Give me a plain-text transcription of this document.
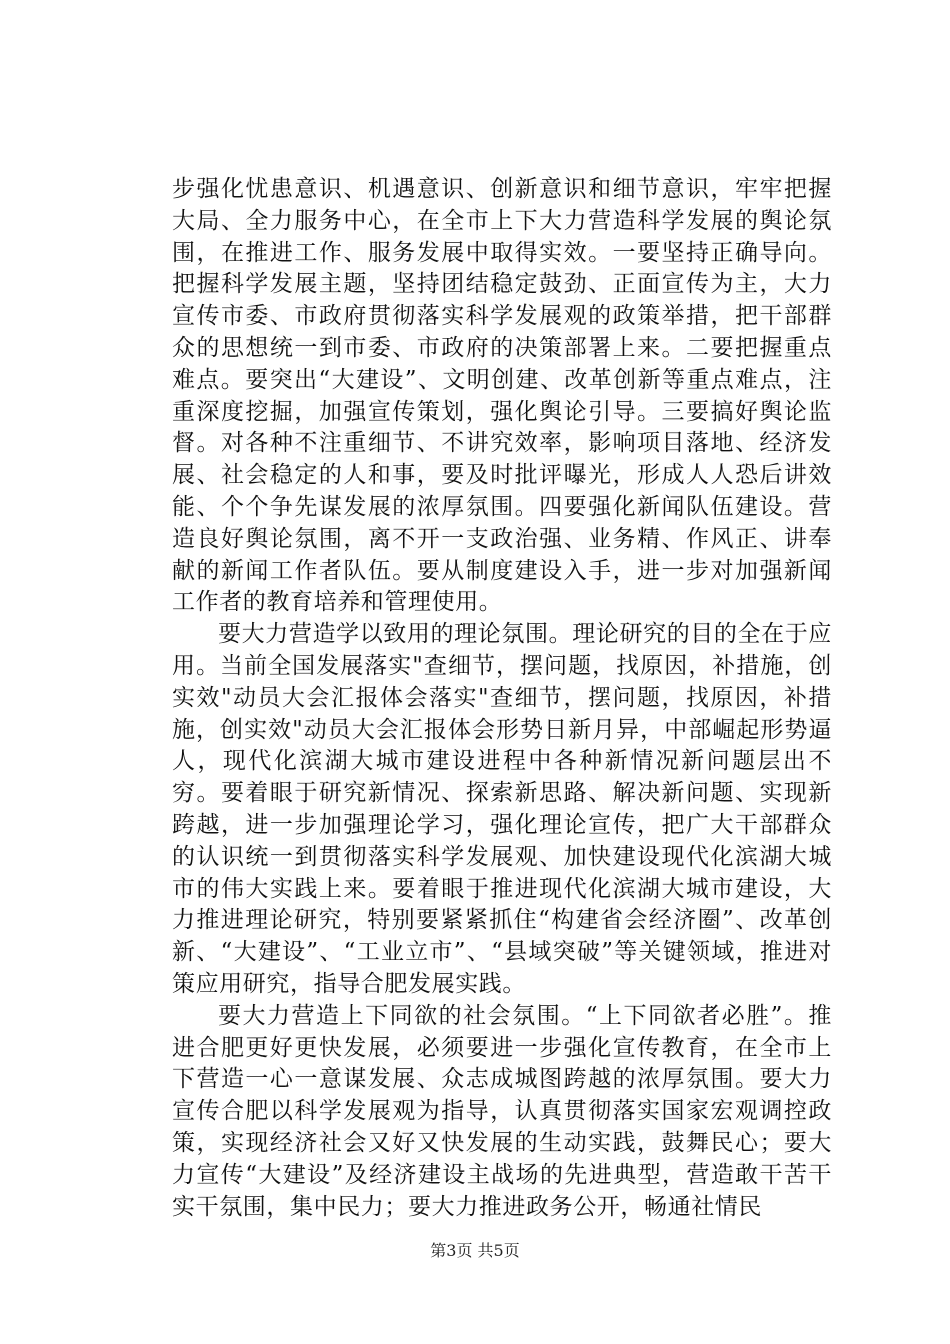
步强化忧患意识、机遇意识、创新意识和细节意识，牢牢把握大局、全力服务中心，在全市上下大力营造科学发展的舆论氛围，在推进工作、服务发展中取得实效。一要坚持正确导向。把握科学发展主题，坚持团结稳定鼓劲、正面宣传为主，大力宣传市委、市政府贯彻落实科学发展观的政策举措，把干部群众的思想统一到市委、市政府的决策部署上来。二要把握重点难点。要突出“大建设”、文明创建、改革创新等重点难点，注重深度挖掘，加强宣传策划，强化舆论引导。三要搞好舆论监督。对各种不注重细节、不讲究效率，影响项目落地、经济发展、社会稳定的人和事，要及时批评曝光，形成人人恐后讲效能、个个争先谋发展的浓厚氛围。四要强化新闻队伍建设。营造良好舆论氛围，离不开一支政治强、业务精、作风正、讲奉献的新闻工作者队伍。要从制度建设入手，进一步对加强新闻工作者的教育培养和管理使用。

要大力营造学以致用的理论氛围。理论研究的目的全在于应用。当前全国发展落实"查细节，摆问题，找原因，补措施，创实效"动员大会汇报体会落实"查细节，摆问题，找原因，补措施，创实效"动员大会汇报体会形势日新月异，中部崛起形势逼人，现代化滨湖大城市建设进程中各种新情况新问题层出不穷。要着眼于研究新情况、探索新思路、解决新问题、实现新跨越，进一步加强理论学习，强化理论宣传，把广大干部群众的认识统一到贯彻落实科学发展观、加快建设现代化滨湖大城市的伟大实践上来。要着眼于推进现代化滨湖大城市建设，大力推进理论研究，特别要紧紧抓住“构建省会经济圈”、改革创新、“大建设”、“工业立市”、“县域突破”等关键领域，推进对策应用研究，指导合肥发展实践。

要大力营造上下同欲的社会氛围。“上下同欲者必胜”。推进合肥更好更快发展，必须要进一步强化宣传教育，在全市上下营造一心一意谋发展、众志成城图跨越的浓厚氛围。要大力宣传合肥以科学发展观为指导，认真贯彻落实国家宏观调控政策，实现经济社会又好又快发展的生动实践，鼓舞民心；要大力宣传“大建设”及经济建设主战场的先进典型，营造敢干苦干实干氛围，集中民力；要大力推进政务公开，畅通社情民

第3页 共5页
